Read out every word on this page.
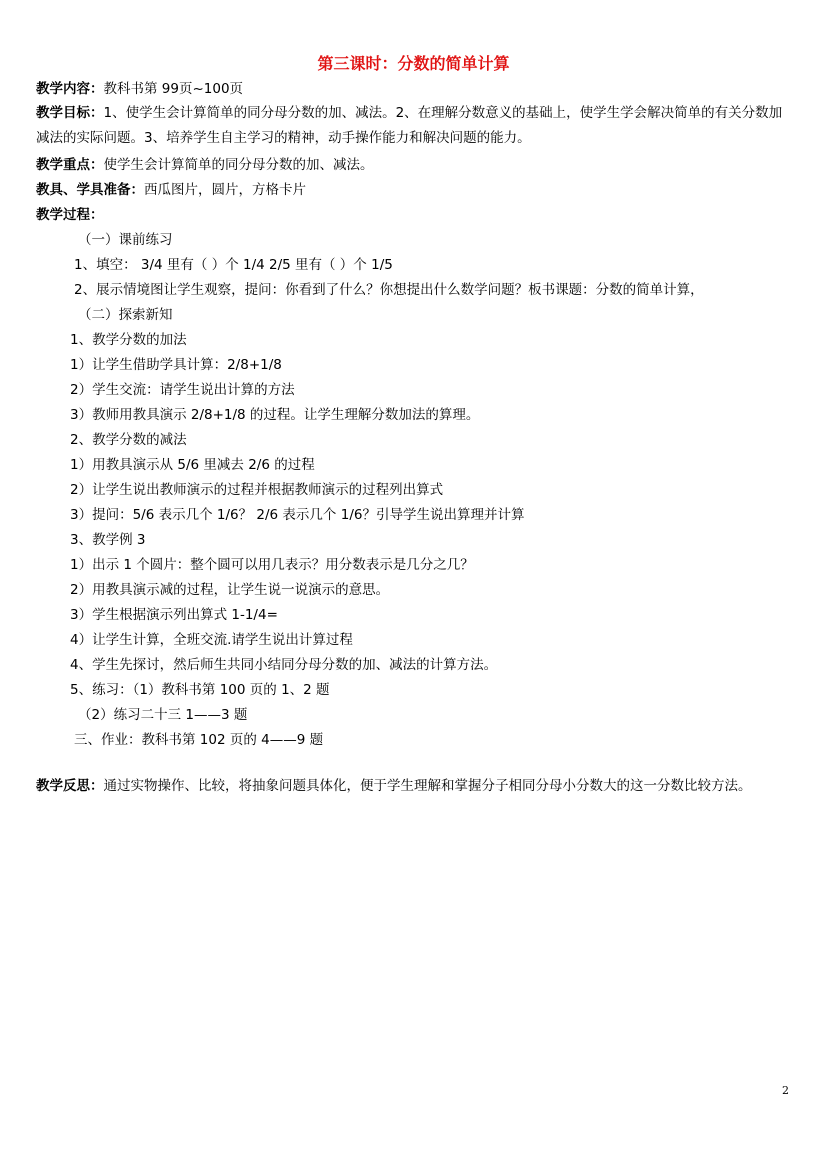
第三课时：分数的简单计算
教学内容：教科书第 99页~100页
教学目标：1、使学生会计算简单的同分母分数的加、减法。2、在理解分数意义的基础上，使学生学会解决简单的有关分数加减法的实际问题。3、培养学生自主学习的精神，动手操作能力和解决问题的能力。
教学重点：使学生会计算简单的同分母分数的加、减法。
教具、学具准备：西瓜图片，圆片，方格卡片
教学过程：
（一）课前练习
1、填空： 3/4 里有（ ）个 1/4 2/5 里有（ ）个 1/5
2、展示情境图让学生观察，提问：你看到了什么？你想提出什么数学问题？板书课题：分数的简单计算，
（二）探索新知
1、教学分数的加法
1）让学生借助学具计算：2/8+1/8
2）学生交流：请学生说出计算的方法
3）教师用教具演示 2/8+1/8 的过程。让学生理解分数加法的算理。
2、教学分数的减法
1）用教具演示从 5/6 里减去 2/6 的过程
2）让学生说出教师演示的过程并根据教师演示的过程列出算式
3）提问：5/6 表示几个 1/6？ 2/6 表示几个 1/6？引导学生说出算理并计算
3、教学例 3
1）出示 1 个圆片：整个圆可以用几表示？用分数表示是几分之几？
2）用教具演示减的过程，让学生说一说演示的意思。
3）学生根据演示列出算式 1-1/4=
4）让学生计算，全班交流.请学生说出计算过程
4、学生先探讨，然后师生共同小结同分母分数的加、减法的计算方法。
5、练习：（1）教科书第 100 页的 1、2 题
（2）练习二十三 1——3 题
三、作业：教科书第 102 页的 4——9 题
教学反思：通过实物操作、比较，将抽象问题具体化，便于学生理解和掌握分子相同分母小分数大的这一分数比较方法。
2
